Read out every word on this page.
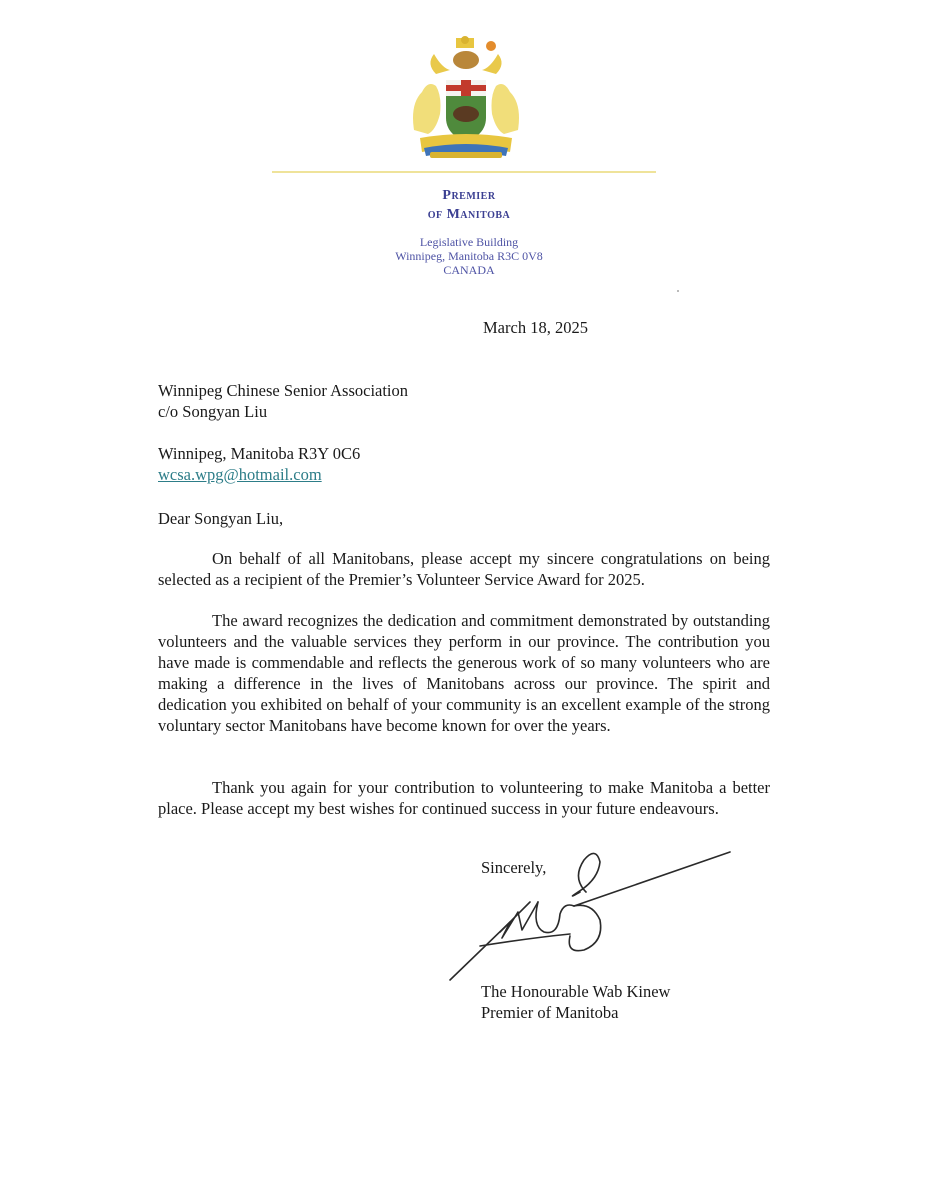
Premier
of Manitoba
Legislative Building
Winnipeg, Manitoba R3C 0V8
CANADA
March 18, 2025
Winnipeg Chinese Senior Association
c/o Songyan Liu
Winnipeg, Manitoba R3Y 0C6
wcsa.wpg@hotmail.com
Dear Songyan Liu,

On behalf of all Manitobans, please accept my sincere congratulations on being selected as a recipient of the Premier’s Volunteer Service Award for 2025.

The award recognizes the dedication and commitment demonstrated by outstanding volunteers and the valuable services they perform in our province. The contribution you have made is commendable and reflects the generous work of so many volunteers who are making a difference in the lives of Manitobans across our province. The spirit and dedication you exhibited on behalf of your community is an excellent example of the strong voluntary sector Manitobans have become known for over the years.

Thank you again for your contribution to volunteering to make Manitoba a better place. Please accept my best wishes for continued success in your future endeavours.

Sincerely,
The Honourable Wab Kinew
Premier of Manitoba
